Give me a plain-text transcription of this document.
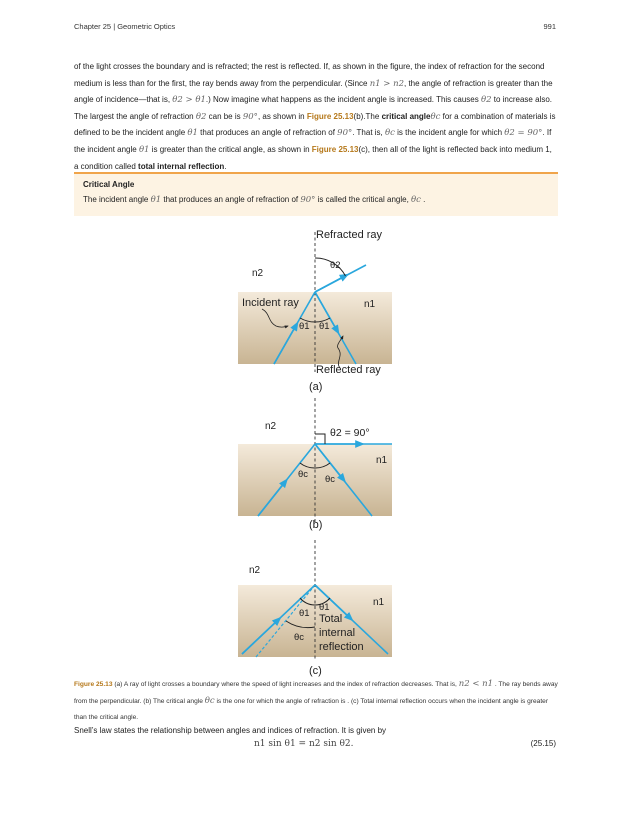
Chapter 25 | Geometric Optics	991
of the light crosses the boundary and is refracted; the rest is reflected. If, as shown in the figure, the index of refraction for the second medium is less than for the first, the ray bends away from the perpendicular. (Since n1 > n2, the angle of refraction is greater than the angle of incidence—that is, θ2 > θ1.) Now imagine what happens as the incident angle is increased. This causes θ2 to increase also. The largest the angle of refraction θ2 can be is 90°, as shown in Figure 25.13(b).The critical angleθc for a combination of materials is defined to be the incident angle θ1 that produces an angle of refraction of 90°. That is, θc is the incident angle for which θ2 = 90°. If the incident angle θ1 is greater than the critical angle, as shown in Figure 25.13(c), then all of the light is reflected back into medium 1, a condition called total internal reflection.
Critical Angle
The incident angle θ1 that produces an angle of refraction of 90° is called the critical angle, θc .
Refracted ray
θ2
n2
n1
Incident ray
θ1 θ1
Reflected ray
(a)
n2
θ2 = 90°
n1
θc θc
(b)
n2
n1
θ1
θ1
θc
Total
internal
reflection
(c)
Figure 25.13 (a) A ray of light crosses a boundary where the speed of light increases and the index of refraction decreases. That is, n2 < n1 . The ray bends away from the perpendicular. (b) The critical angle θc is the one for which the angle of refraction is . (c) Total internal reflection occurs when the incident angle is greater than the critical angle.
Snell’s law states the relationship between angles and indices of refraction. It is given by
n1 sin θ1 = n2 sin θ2.	(25.15)
